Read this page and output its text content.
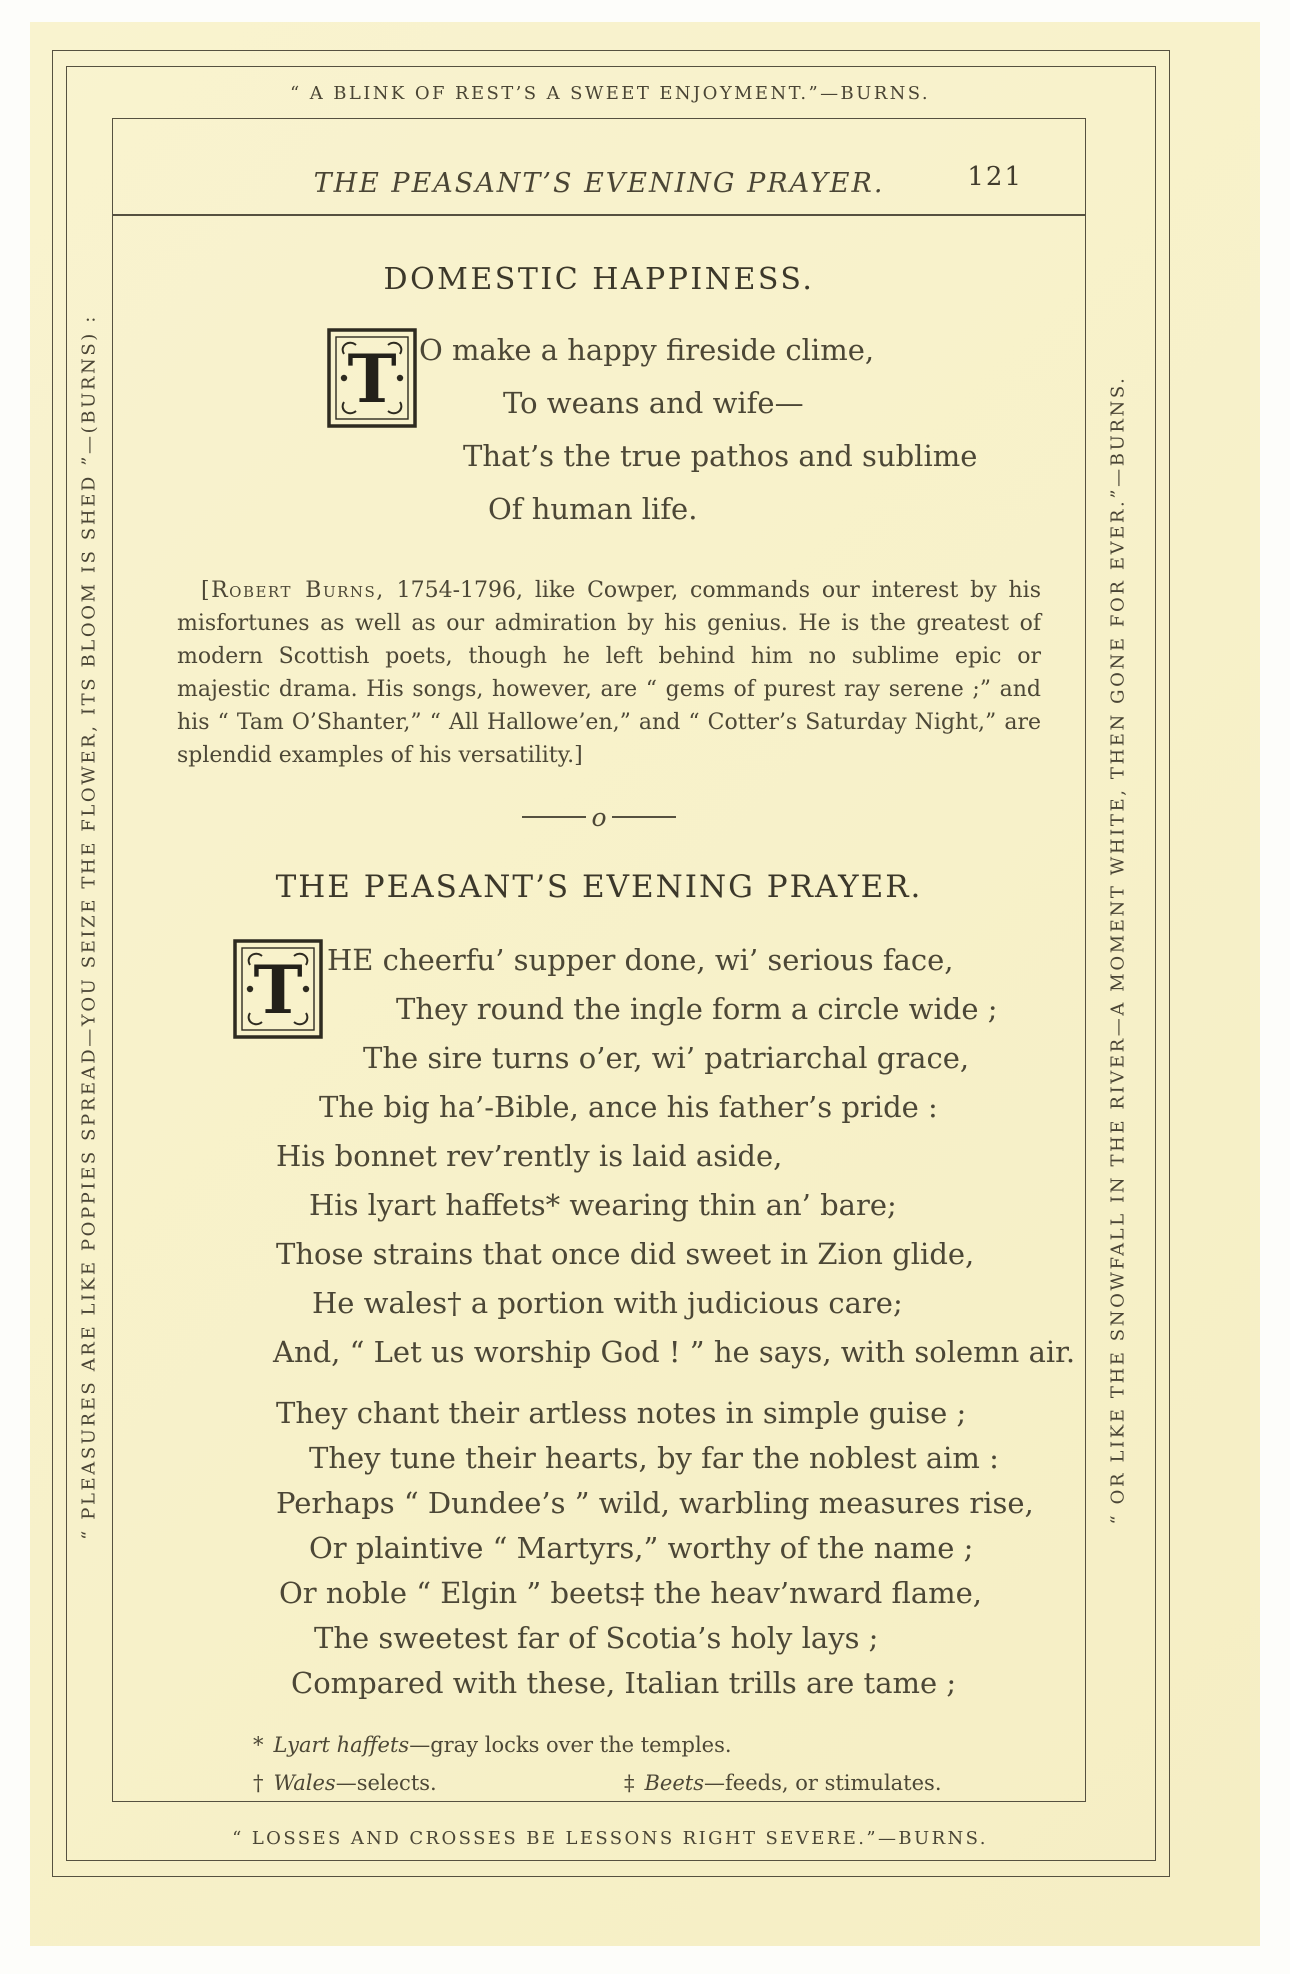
“ A BLINK OF REST’S A SWEET ENJOYMENT.”—BURNS.
“ PLEASURES ARE LIKE POPPIES SPREAD—YOU SEIZE THE FLOWER, ITS BLOOM IS SHED ”—(BURNS) :	“ OR LIKE THE SNOWFALL IN THE RIVER—A MOMENT WHITE, THEN GONE FOR EVER.”—BURNS.
“ LOSSES AND CROSSES BE LESSONS RIGHT SEVERE.”—BURNS.
THE PEASANT’S EVENING PRAYER.	121
DOMESTIC HAPPINESS.
T O make a happy fireside clime,
To weans and wife—
That’s the true pathos and sublime
Of human life.

[Robert Burns, 1754-1796, like Cowper, commands our interest by his misfortunes as well as our admiration by his genius. He is the greatest of modern Scottish poets, though he left behind him no sublime epic or majestic drama. His songs, however, are “ gems of purest ray serene ;” and his “ Tam O’Shanter,” “ All Hallowe’en,” and “ Cotter’s Saturday Night,” are splendid examples of his versatility.]

o
THE PEASANT’S EVENING PRAYER.
T HE cheerfu’ supper done, wi’ serious face,
They round the ingle form a circle wide ;
The sire turns o’er, wi’ patriarchal grace,
The big ha’-Bible, ance his father’s pride :
His bonnet rev’rently is laid aside,
His lyart haffets* wearing thin an’ bare;
Those strains that once did sweet in Zion glide,
He wales† a portion with judicious care;
And, “ Let us worship God ! ” he says, with solemn air.
They chant their artless notes in simple guise ;
They tune their hearts, by far the noblest aim :
Perhaps “ Dundee’s ” wild, warbling measures rise,
Or plaintive “ Martyrs,” worthy of the name ;
Or noble “ Elgin ” beets‡ the heav’nward flame,
The sweetest far of Scotia’s holy lays ;
Compared with these, Italian trills are tame ;
* Lyart haffets—gray locks over the temples.
† Wales—selects.	‡ Beets—feeds, or stimulates.
